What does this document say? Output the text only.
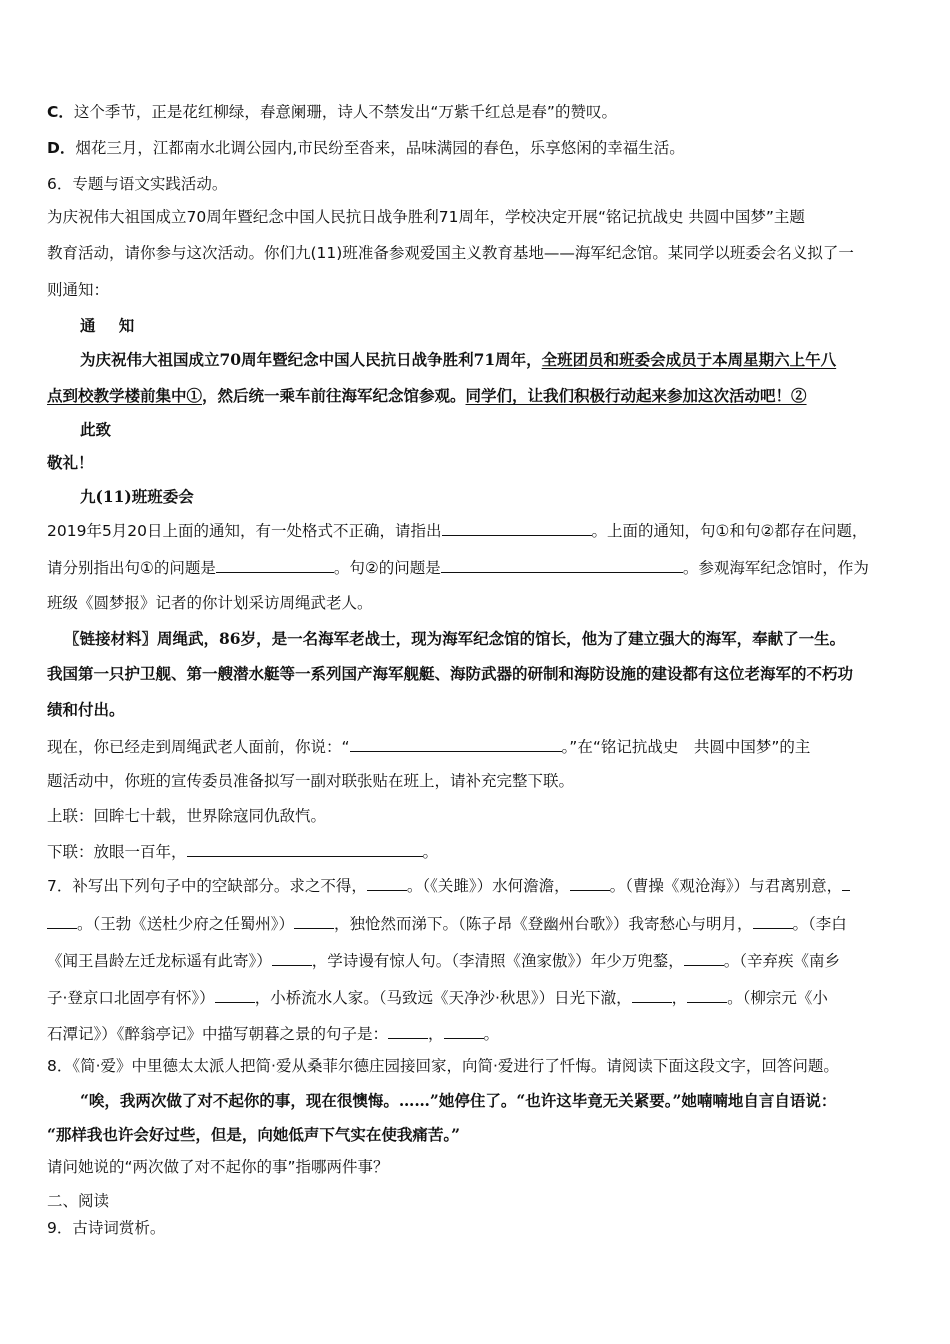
C．这个季节，正是花红柳绿，春意阑珊，诗人不禁发出“万紫千红总是春”的赞叹。
D．烟花三月，江都南水北调公园内,市民纷至沓来，品味满园的春色，乐享悠闲的幸福生活。
6．专题与语文实践活动。
为庆祝伟大祖国成立70周年暨纪念中国人民抗日战争胜利71周年，学校决定开展“铭记抗战史 共圆中国梦”主题
教育活动，请你参与这次活动。你们九(11)班准备参观爱国主义教育基地——海军纪念馆。某同学以班委会名义拟了一
则通知：
通知
为庆祝伟大祖国成立70周年暨纪念中国人民抗日战争胜利71周年，全班团员和班委会成员于本周星期六上午八
点到校教学楼前集中①，然后统一乘车前往海军纪念馆参观。同学们，让我们积极行动起来参加这次活动吧！②
此致
敬礼！
九(11)班班委会
2019年5月20日上面的通知，有一处格式不正确，请指出	。上面的通知，句①和句②都存在问题，
请分别指出句①的问题是	。句②的问题是	。参观海军纪念馆时，作为
班级《圆梦报》记者的你计划采访周绳武老人。
〖链接材料〗周绳武，86岁，是一名海军老战士，现为海军纪念馆的馆长，他为了建立强大的海军，奉献了一生。
我国第一只护卫舰、第一艘潜水艇等一系列国产海军舰艇、海防武器的研制和海防设施的建设都有这位老海军的不朽功
绩和付出。
现在，你已经走到周绳武老人面前，你说：“	。”在“铭记抗战史　共圆中国梦”的主
题活动中，你班的宣传委员准备拟写一副对联张贴在班上，请补充完整下联。
上联：回眸七十载，世界除寇同仇敌忾。
下联：放眼一百年，	。
7．补写出下列句子中的空缺部分。求之不得，	。（《关雎》）水何澹澹，	。（曹操《观沧海》）与君离别意，
。（王勃《送杜少府之任蜀州》）	，独怆然而涕下。（陈子昂《登幽州台歌》）我寄愁心与明月，	。（李白
《闻王昌龄左迁龙标遥有此寄》）	，学诗谩有惊人句。（李清照《渔家傲》）年少万兜鍪，	。（辛弃疾《南乡
子·登京口北固亭有怀》）	，小桥流水人家。（马致远《天净沙·秋思》）日光下澈，	，	。（柳宗元《小
石潭记》）《醉翁亭记》中描写朝暮之景的句子是：	，	。
8．《简·爱》中里德太太派人把简·爱从桑菲尔德庄园接回家，向简·爱进行了忏悔。请阅读下面这段文字，回答问题。
“唉，我两次做了对不起你的事，现在很懊悔。……”她停住了。“也许这毕竟无关紧要。”她喃喃地自言自语说：
“那样我也许会好过些，但是，向她低声下气实在使我痛苦。”
请问她说的“两次做了对不起你的事”指哪两件事？
二、阅读
9．古诗词赏析。
